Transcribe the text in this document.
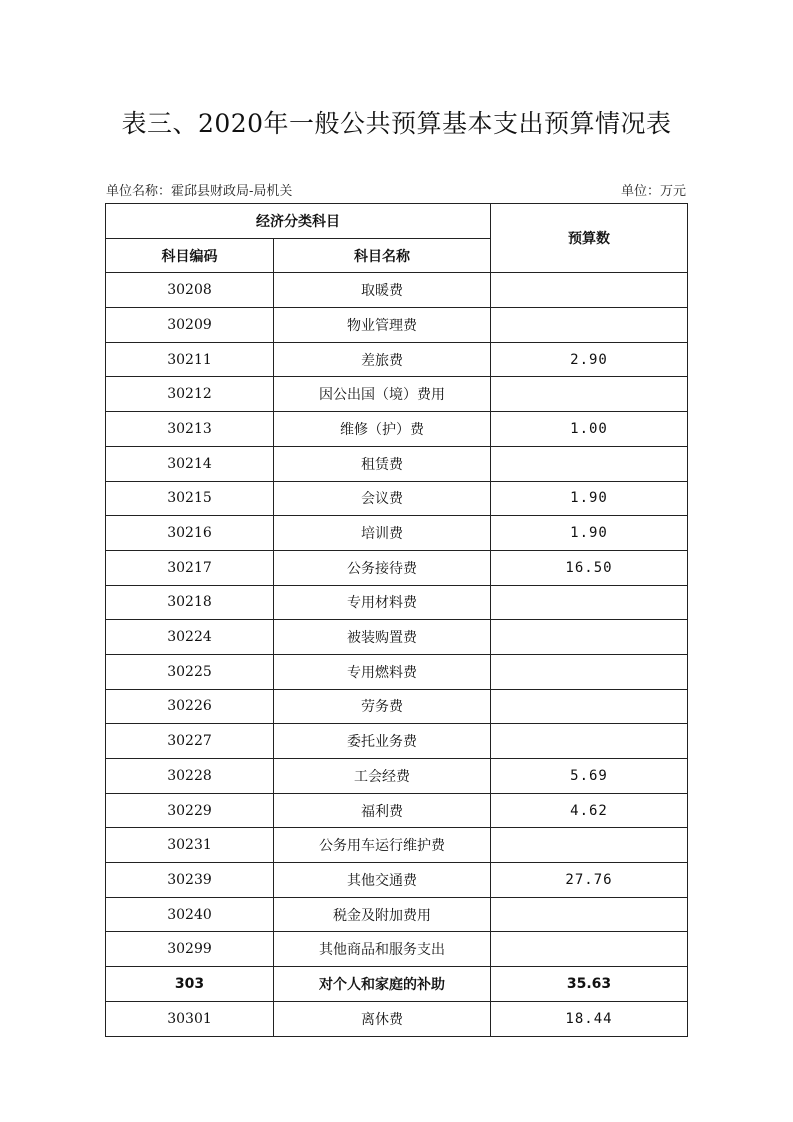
表三、2020年一般公共预算基本支出预算情况表
单位名称：霍邱县财政局-局机关	单位：万元
经济分类科目		预算数
科目编码	科目名称	
30208	取暖费	
30209	物业管理费	
30211	差旅费	2.90
30212	因公出国（境）费用	
30213	维修（护）费	1.00
30214	租赁费	
30215	会议费	1.90
30216	培训费	1.90
30217	公务接待费	16.50
30218	专用材料费	
30224	被装购置费	
30225	专用燃料费	
30226	劳务费	
30227	委托业务费	
30228	工会经费	5.69
30229	福利费	4.62
30231	公务用车运行维护费	
30239	其他交通费	27.76
30240	税金及附加费用	
30299	其他商品和服务支出	
303	对个人和家庭的补助	35.63
30301	离休费	18.44
